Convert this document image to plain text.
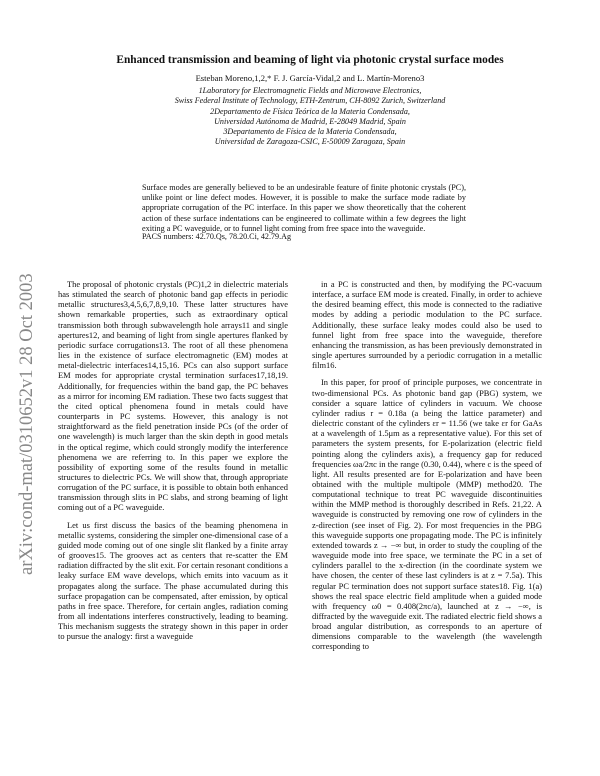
arXiv:cond-mat/0310652v1 28 Oct 2003
Enhanced transmission and beaming of light via photonic crystal surface modes
Esteban Moreno,1,2,* F. J. García-Vidal,2 and L. Martín-Moreno3
1Laboratory for Electromagnetic Fields and Microwave Electronics,
Swiss Federal Institute of Technology, ETH-Zentrum, CH-8092 Zurich, Switzerland
2Departamento de Física Teórica de la Materia Condensada,
Universidad Autónoma de Madrid, E-28049 Madrid, Spain
3Departamento de Física de la Materia Condensada,
Universidad de Zaragoza-CSIC, E-50009 Zaragoza, Spain
Surface modes are generally believed to be an undesirable feature of finite photonic crystals (PC), unlike point or line defect modes. However, it is possible to make the surface mode radiate by appropriate corrugation of the PC interface. In this paper we show theoretically that the coherent action of these surface indentations can be engineered to collimate within a few degrees the light exiting a PC waveguide, or to funnel light coming from free space into the waveguide.
PACS numbers: 42.70.Qs, 78.20.Ci, 42.79.Ag

The proposal of photonic crystals (PC)1,2 in dielectric materials has stimulated the search of photonic band gap effects in periodic metallic structures3,4,5,6,7,8,9,10. These latter structures have shown remarkable properties, such as extraordinary optical transmission both through subwavelength hole arrays11 and single apertures12, and beaming of light from single apertures flanked by periodic surface corrugations13. The root of all these phenomena lies in the existence of surface electromagnetic (EM) modes at metal-dielectric interfaces14,15,16. PCs can also support surface EM modes for appropriate crystal termination surfaces17,18,19. Additionally, for frequencies within the band gap, the PC behaves as a mirror for incoming EM radiation. These two facts suggest that the cited optical phenomena found in metals could have counterparts in PC systems. However, this analogy is not straightforward as the field penetration inside PCs (of the order of one wavelength) is much larger than the skin depth in good metals in the optical regime, which could strongly modify the interference phenomena we are referring to. In this paper we explore the possibility of exporting some of the results found in metallic structures to dielectric PCs. We will show that, through appropriate corrugation of the PC surface, it is possible to obtain both enhanced transmission through slits in PC slabs, and strong beaming of light coming out of a PC waveguide.

Let us first discuss the basics of the beaming phenomena in metallic systems, considering the simpler one-dimensional case of a guided mode coming out of one single slit flanked by a finite array of grooves15. The grooves act as centers that re-scatter the EM radiation diffracted by the slit exit. For certain resonant conditions a leaky surface EM wave develops, which emits into vacuum as it propagates along the surface. The phase accumulated during this surface propagation can be compensated, after emission, by optical paths in free space. Therefore, for certain angles, radiation coming from all indentations interferes constructively, leading to beaming. This mechanism suggests the strategy shown in this paper in order to pursue the analogy: first a waveguide

in a PC is constructed and then, by modifying the PC-vacuum interface, a surface EM mode is created. Finally, in order to achieve the desired beaming effect, this mode is connected to the radiative modes by adding a periodic modulation to the PC surface. Additionally, these surface leaky modes could also be used to funnel light from free space into the waveguide, therefore enhancing the transmission, as has been previously demonstrated in single apertures surrounded by a periodic corrugation in a metallic film16.

In this paper, for proof of principle purposes, we concentrate in two-dimensional PCs. As photonic band gap (PBG) system, we consider a square lattice of cylinders in vacuum. We choose cylinder radius r = 0.18a (a being the lattice parameter) and dielectric constant of the cylinders εr = 11.56 (we take εr for GaAs at a wavelength of 1.5μm as a representative value). For this set of parameters the system presents, for E-polarization (electric field pointing along the cylinders axis), a frequency gap for reduced frequencies ωa/2πc in the range (0.30, 0.44), where c is the speed of light. All results presented are for E-polarization and have been obtained with the multiple multipole (MMP) method20. The computational technique to treat PC waveguide discontinuities within the MMP method is thoroughly described in Refs. 21,22. A waveguide is constructed by removing one row of cylinders in the z-direction (see inset of Fig. 2). For most frequencies in the PBG this waveguide supports one propagating mode. The PC is infinitely extended towards z → −∞ but, in order to study the coupling of the waveguide mode into free space, we terminate the PC in a set of cylinders parallel to the x-direction (in the coordinate system we have chosen, the center of these last cylinders is at z = 7.5a). This regular PC termination does not support surface states18. Fig. 1(a) shows the real space electric field amplitude when a guided mode with frequency ω0 = 0.408(2πc/a), launched at z → −∞, is diffracted by the waveguide exit. The radiated electric field shows a broad angular distribution, as corresponds to an aperture of dimensions comparable to the wavelength (the wavelength corresponding to
